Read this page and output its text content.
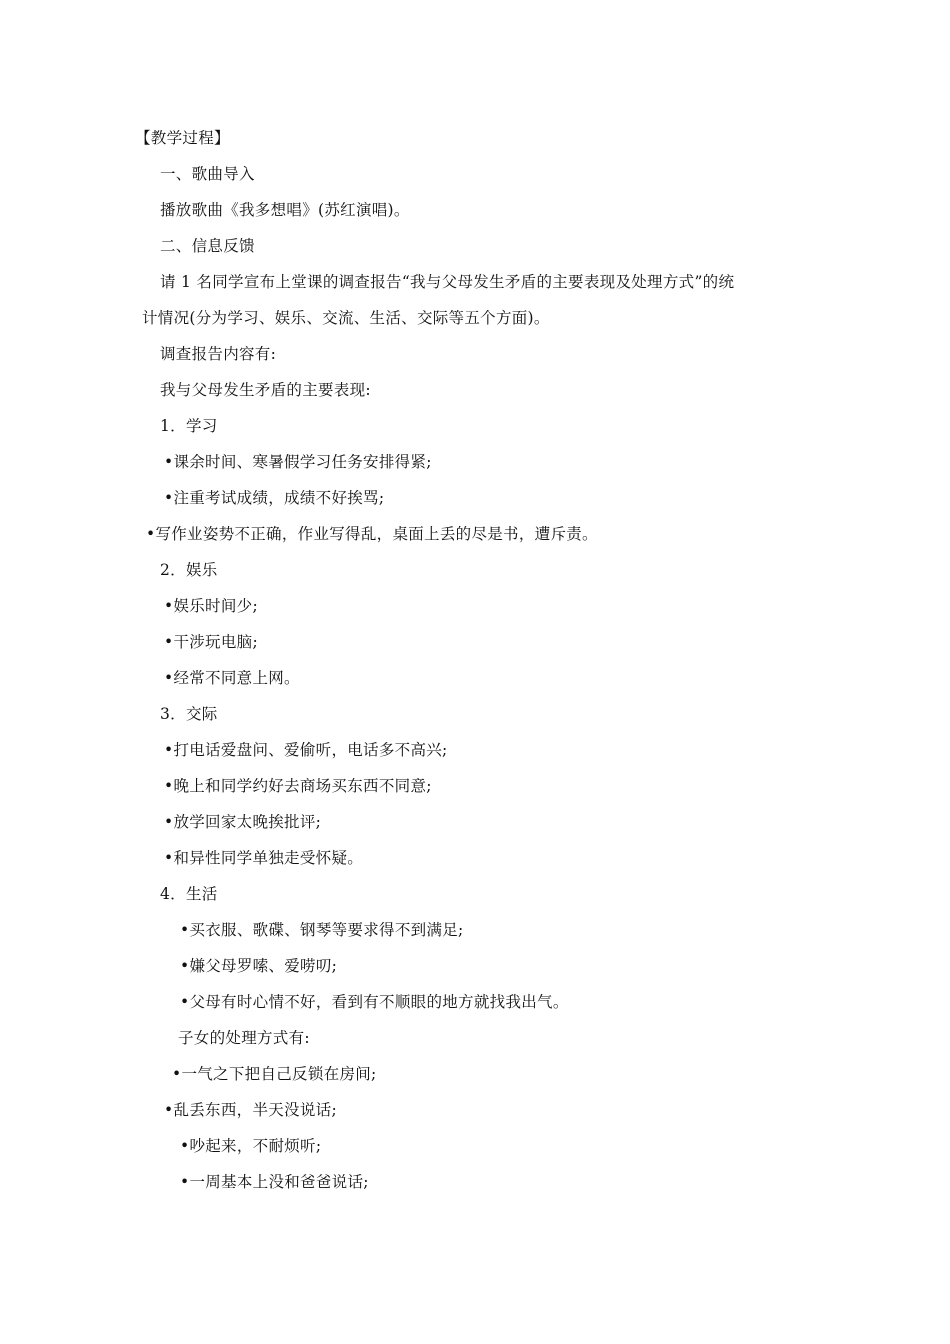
【教学过程】
一、歌曲导入
播放歌曲《我多想唱》(苏红演唱)。
二、信息反馈
请 1 名同学宣布上堂课的调查报告“我与父母发生矛盾的主要表现及处理方式”的统
计情况(分为学习、娱乐、交流、生活、交际等五个方面)。
调查报告内容有:
我与父母发生矛盾的主要表现:
1．学习
•课余时间、寒暑假学习任务安排得紧;
•注重考试成绩，成绩不好挨骂;
•写作业姿势不正确，作业写得乱，桌面上丢的尽是书，遭斥责。
2．娱乐
•娱乐时间少;
•干涉玩电脑;
•经常不同意上网。
3．交际
•打电话爱盘问、爱偷听，电话多不高兴;
•晚上和同学约好去商场买东西不同意;
•放学回家太晚挨批评;
•和异性同学单独走受怀疑。
4．生活
•买衣服、歌碟、钢琴等要求得不到满足;
•嫌父母罗嗦、爱唠叨;
•父母有时心情不好，看到有不顺眼的地方就找我出气。
子女的处理方式有:
•一气之下把自己反锁在房间;
•乱丢东西，半天没说话;
•吵起来，不耐烦听;
•一周基本上没和爸爸说话;
